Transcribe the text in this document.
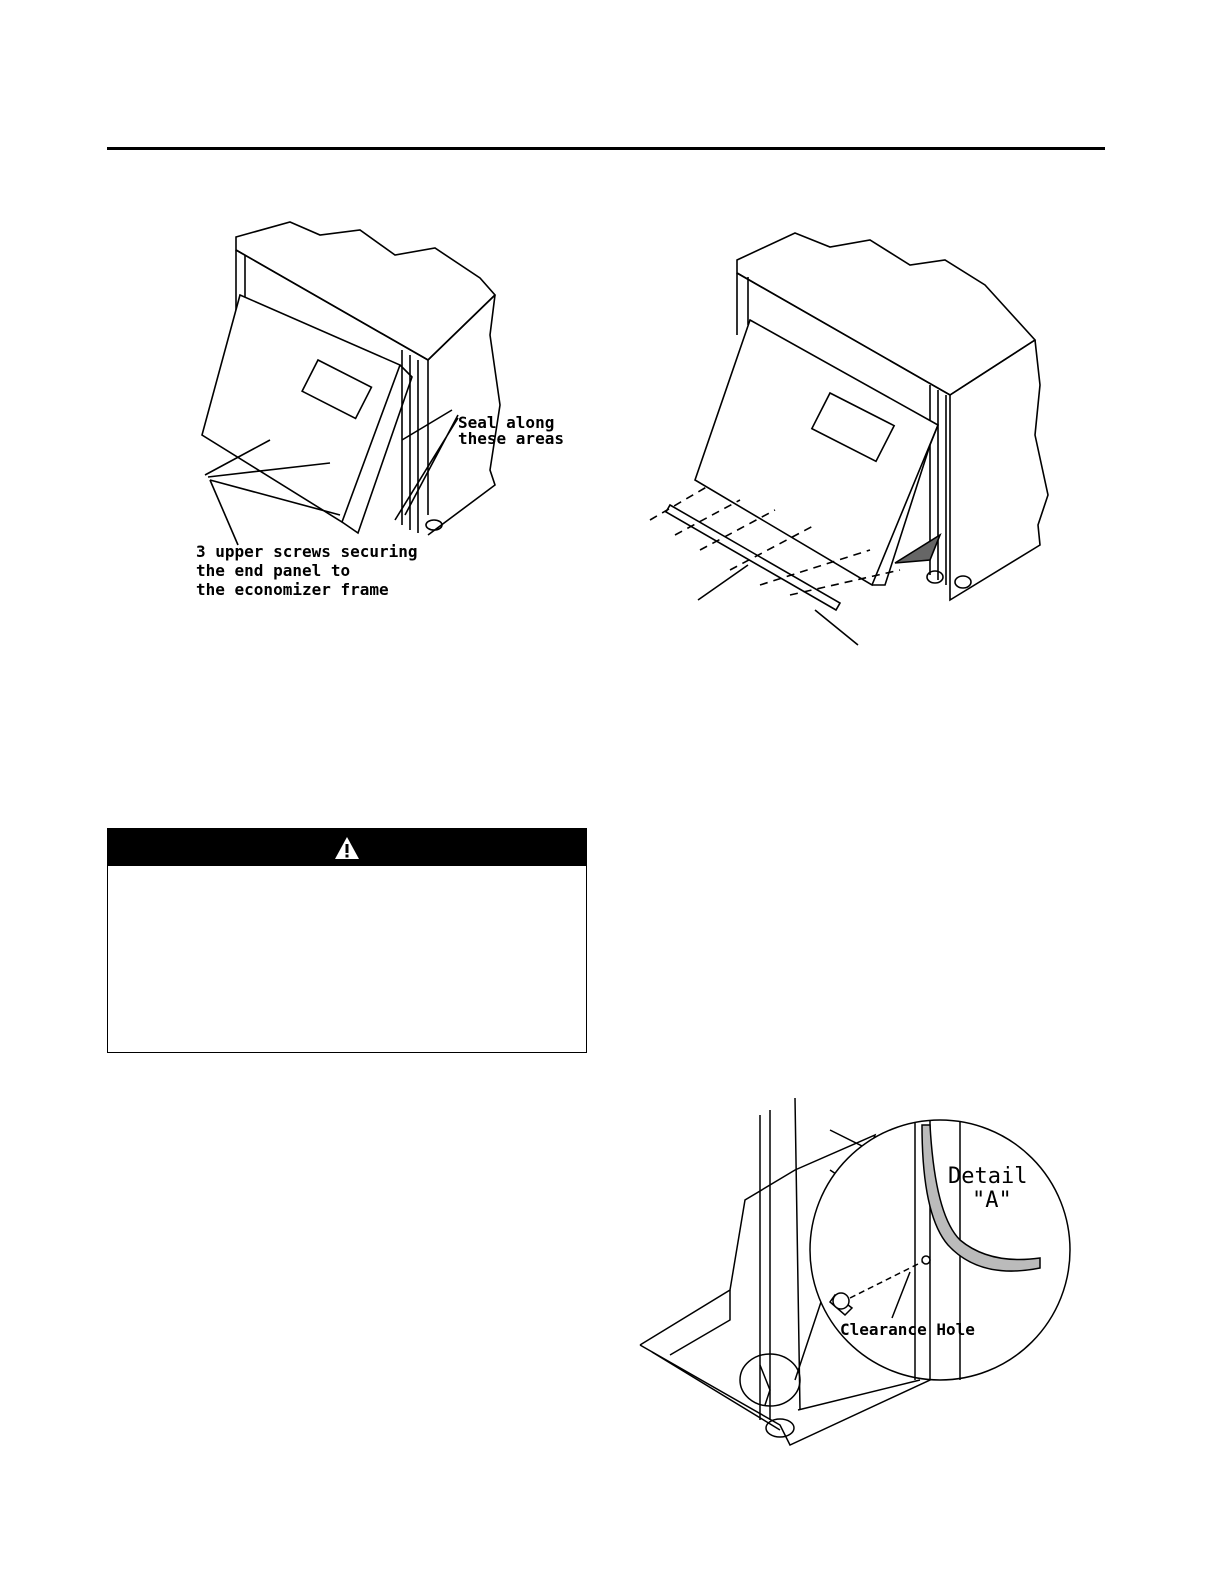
Seal along
these areas
3 upper screws securing
the end panel to
the economizer frame
Detail
"A"
Clearance Hole
